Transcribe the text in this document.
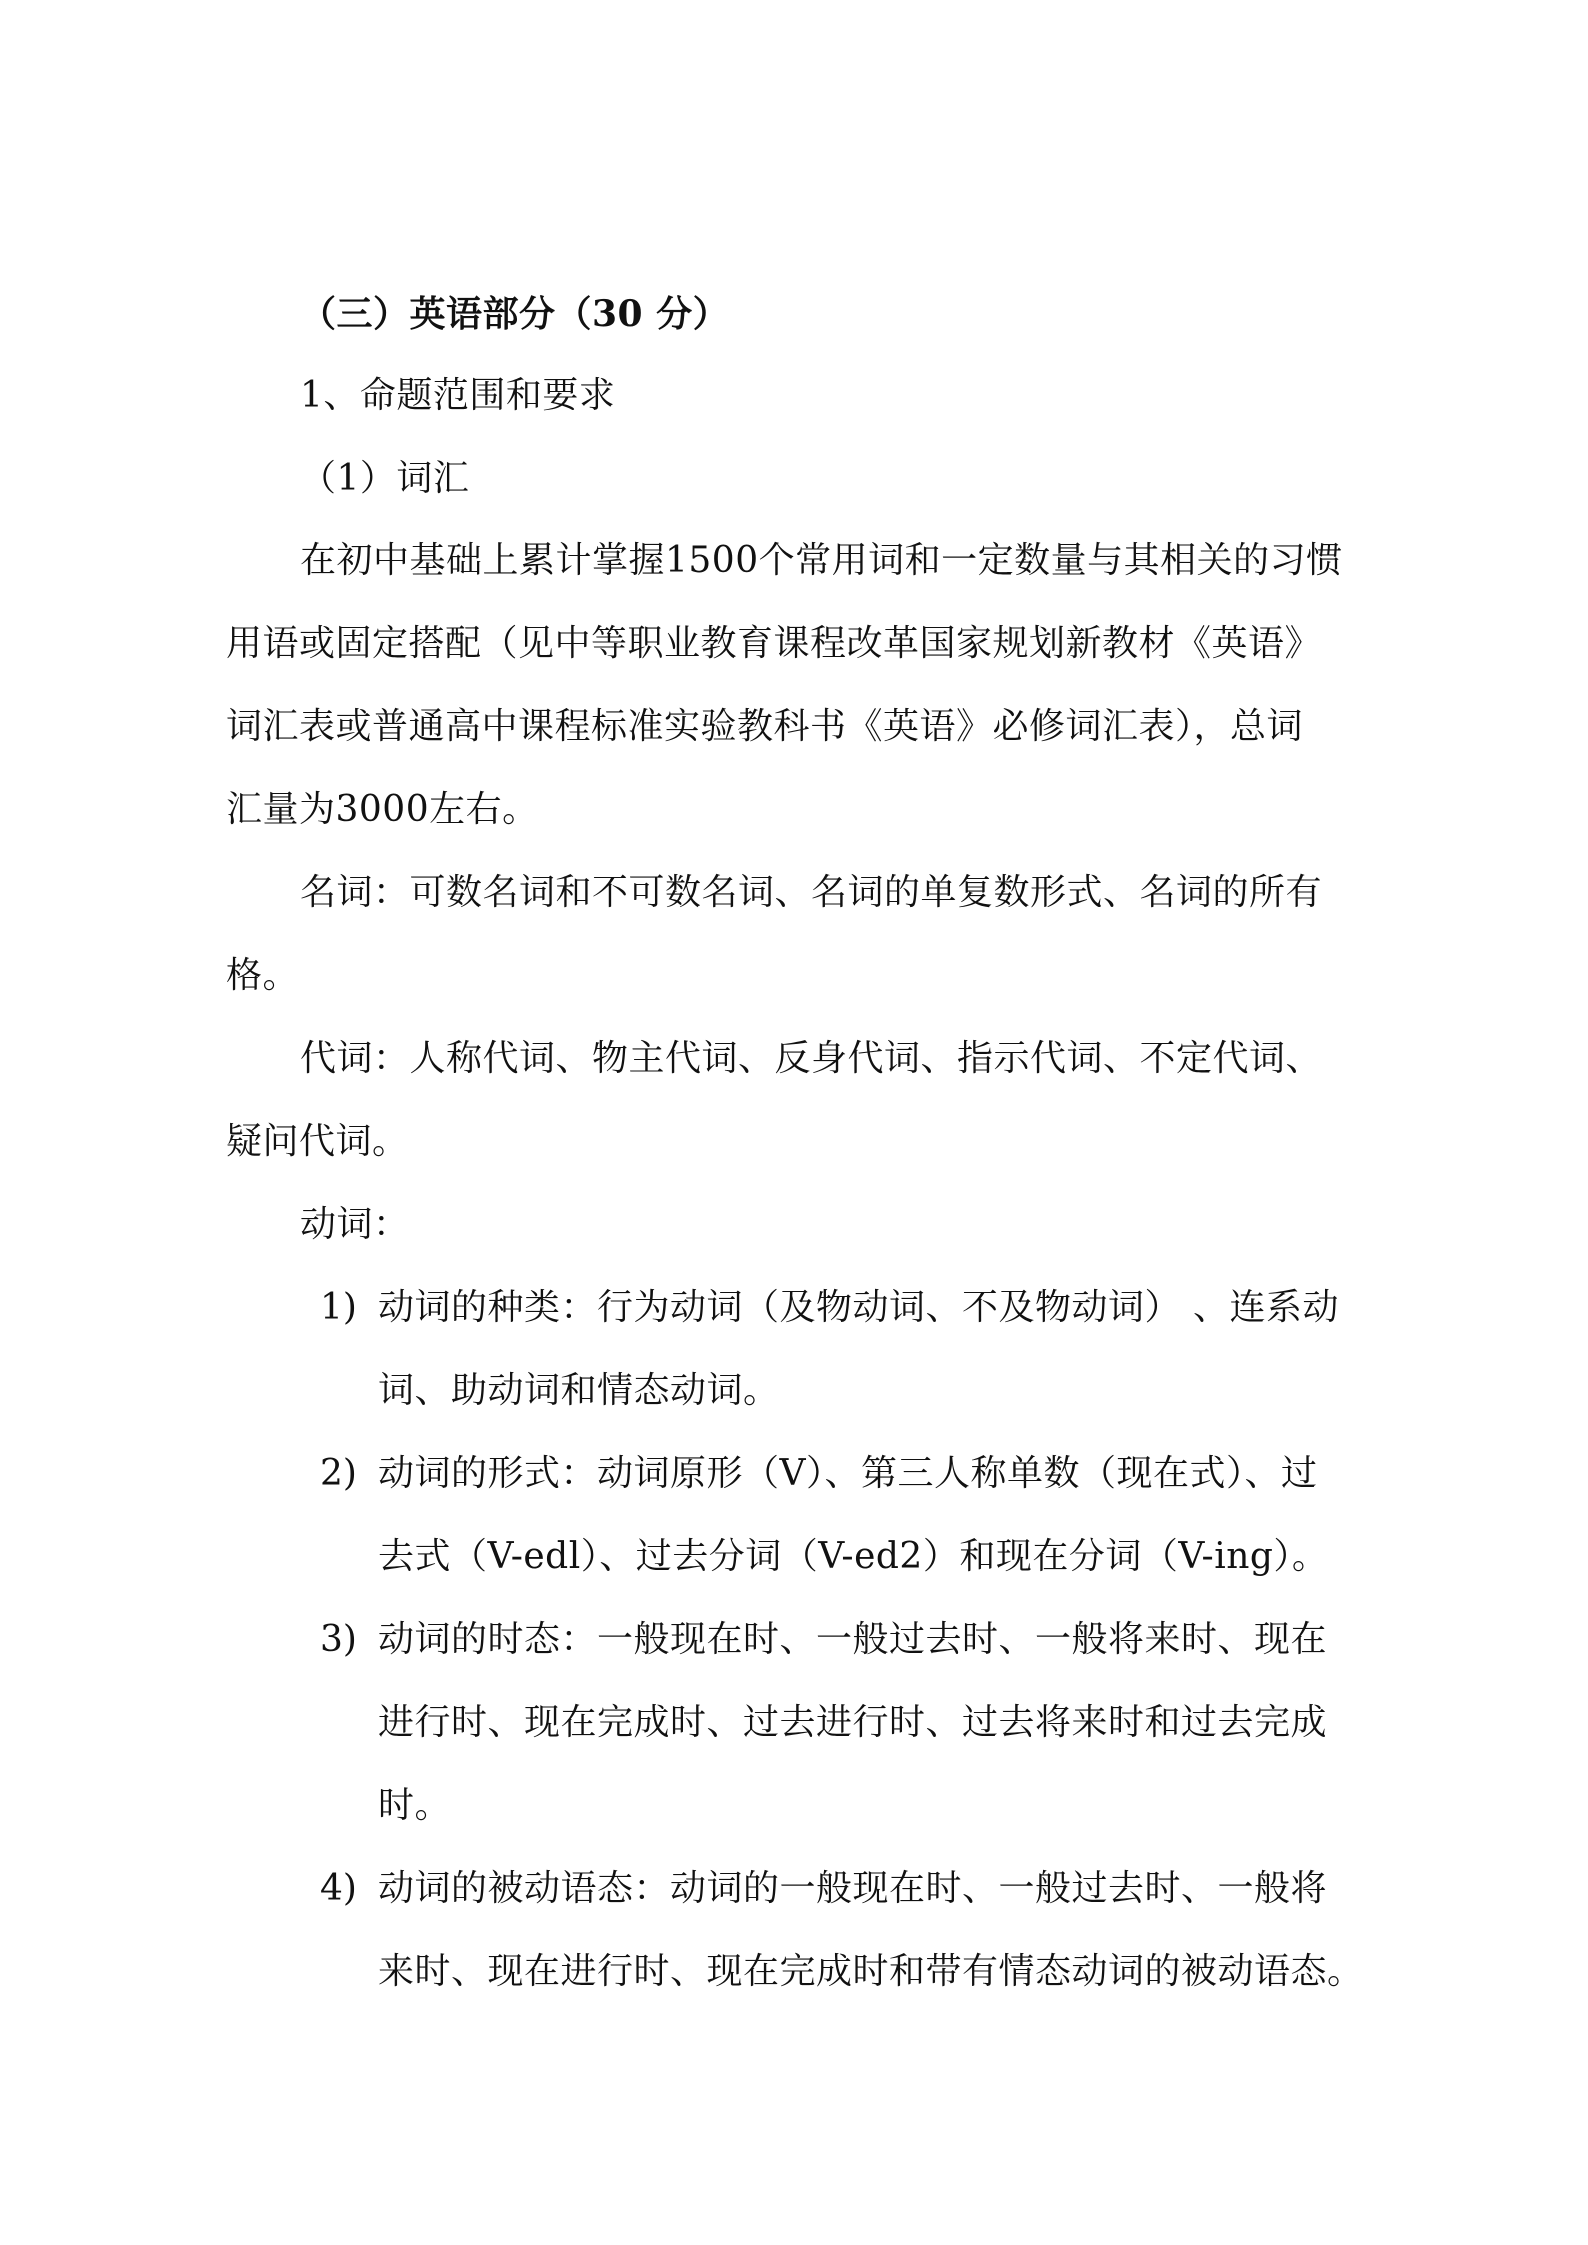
（三）英语部分（30 分）
1、命题范围和要求
（1）词汇
在初中基础上累计掌握1500个常用词和一定数量与其相关的习惯
用语或固定搭配（见中等职业教育课程改革国家规划新教材《英语》
词汇表或普通高中课程标准实验教科书《英语》必修词汇表），总词
汇量为3000左右。
名词：可数名词和不可数名词、名词的单复数形式、名词的所有
格。
代词：人称代词、物主代词、反身代词、指示代词、不定代词、
疑问代词。
动词：
1) 动词的种类：行为动词（及物动词、不及物动词） 、连系动
词、助动词和情态动词。
2) 动词的形式：动词原形（V）、第三人称单数（现在式）、过
去式（V-edl）、过去分词（V-ed2）和现在分词（V-ing）。
3) 动词的时态：一般现在时、一般过去时、一般将来时、现在
进行时、现在完成时、过去进行时、过去将来时和过去完成
时。
4) 动词的被动语态：动词的一般现在时、一般过去时、一般将
来时、现在进行时、现在完成时和带有情态动词的被动语态。
